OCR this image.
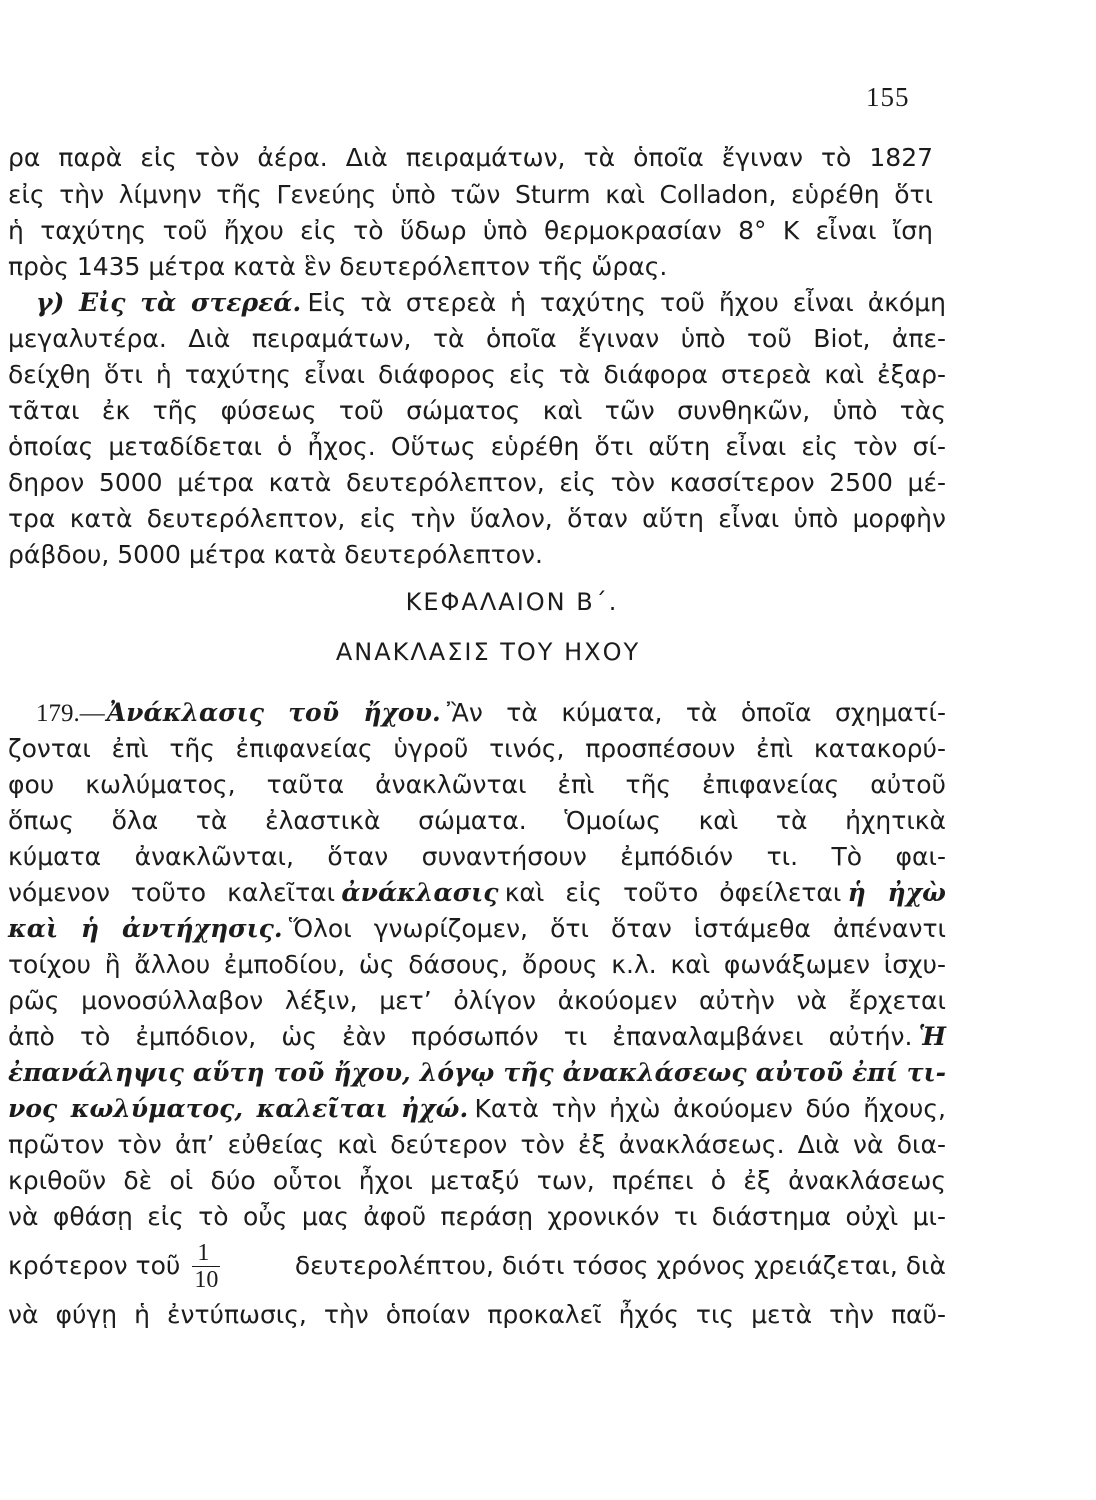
155
ρα παρὰ εἰς τὸν ἀέρα. Διὰ πειραμάτων, τὰ ὁποῖα ἔγιναν τὸ 1827
εἰς τὴν λίμνην τῆς Γενεύης ὑπὸ τῶν Sturm καὶ Colladon, εὑρέθη ὅτι
ἡ ταχύτης τοῦ ἤχου εἰς τὸ ὕδωρ ὑπὸ θερμοκρασίαν 8° Κ εἶναι ἴση
πρὸς 1435 μέτρα κατὰ ἓν δευτερόλεπτον τῆς ὥρας.
γ) Εἰς τὰ στερεά. Εἰς τὰ στερεὰ ἡ ταχύτης τοῦ ἤχου εἶναι ἀκόμη
μεγαλυτέρα. Διὰ πειραμάτων, τὰ ὁποῖα ἔγιναν ὑπὸ τοῦ Biot, ἀπε-
δείχθη ὅτι ἡ ταχύτης εἶναι διάφορος εἰς τὰ διάφορα στερεὰ καὶ ἐξαρ-
τᾶται ἐκ τῆς φύσεως τοῦ σώματος καὶ τῶν συνθηκῶν, ὑπὸ τὰς
ὁποίας μεταδίδεται ὁ ἦχος. Οὕτως εὑρέθη ὅτι αὕτη εἶναι εἰς τὸν σί-
δηρον 5000 μέτρα κατὰ δευτερόλεπτον, εἰς τὸν κασσίτερον 2500 μέ-
τρα κατὰ δευτερόλεπτον, εἰς τὴν ὕαλον, ὅταν αὕτη εἶναι ὑπὸ μορφὴν
ράβδου, 5000 μέτρα κατὰ δευτερόλεπτον.
ΚΕΦΑΛΑΙΟΝ Β΄.
ΑΝΑΚΛΑΣΙΣ ΤΟΥ ΗΧΟΥ
179.—Ἀνάκλασις τοῦ ἤχου. Ἂν τὰ κύματα, τὰ ὁποῖα σχηματί-
ζονται ἐπὶ τῆς ἐπιφανείας ὑγροῦ τινός, προσπέσουν ἐπὶ κατακορύ-
φου κωλύματος, ταῦτα ἀνακλῶνται ἐπὶ τῆς ἐπιφανείας αὐτοῦ
ὅπως ὅλα τὰ ἐλαστικὰ σώματα. Ὁμοίως καὶ τὰ ἠχητικὰ
κύματα ἀνακλῶνται, ὅταν συναντήσουν ἐμπόδιόν τι. Τὸ φαι-
νόμενον τοῦτο καλεῖται ἀνάκλασις καὶ εἰς τοῦτο ὀφείλεται ἡ ἠχὼ
καὶ ἡ ἀντήχησις. Ὅλοι γνωρίζομεν, ὅτι ὅταν ἱστάμεθα ἀπέναντι
τοίχου ἢ ἄλλου ἐμποδίου, ὡς δάσους, ὄρους κ.λ. καὶ φωνάξωμεν ἰσχυ-
ρῶς μονοσύλλαβον λέξιν, μετ’ ὀλίγον ἀκούομεν αὐτὴν νὰ ἔρχεται
ἀπὸ τὸ ἐμπόδιον, ὡς ἐὰν πρόσωπόν τι ἐπαναλαμβάνει αὐτήν. Ἡ
ἐπανάληψις αὕτη τοῦ ἤχου, λόγῳ τῆς ἀνακλάσεως αὐτοῦ ἐπί τι-
νος κωλύματος, καλεῖται ἠχώ. Κατὰ τὴν ἠχὼ ἀκούομεν δύο ἤχους,
πρῶτον τὸν ἀπ’ εὐθείας καὶ δεύτερον τὸν ἐξ ἀνακλάσεως. Διὰ νὰ δια-
κριθοῦν δὲ οἱ δύο οὗτοι ἦχοι μεταξύ των, πρέπει ὁ ἐξ ἀνακλάσεως
νὰ φθάσῃ εἰς τὸ οὖς μας ἀφοῦ περάσῃ χρονικόν τι διάστημα οὐχὶ μι-
κρότερον τοῦ $\frac{1}{10}$	δευτερολέπτου, διότι τόσος χρόνος χρειάζεται, διὰ
νὰ φύγῃ ἡ ἐντύπωσις, τὴν ὁποίαν προκαλεῖ ἦχός τις μετὰ τὴν παῦ-
